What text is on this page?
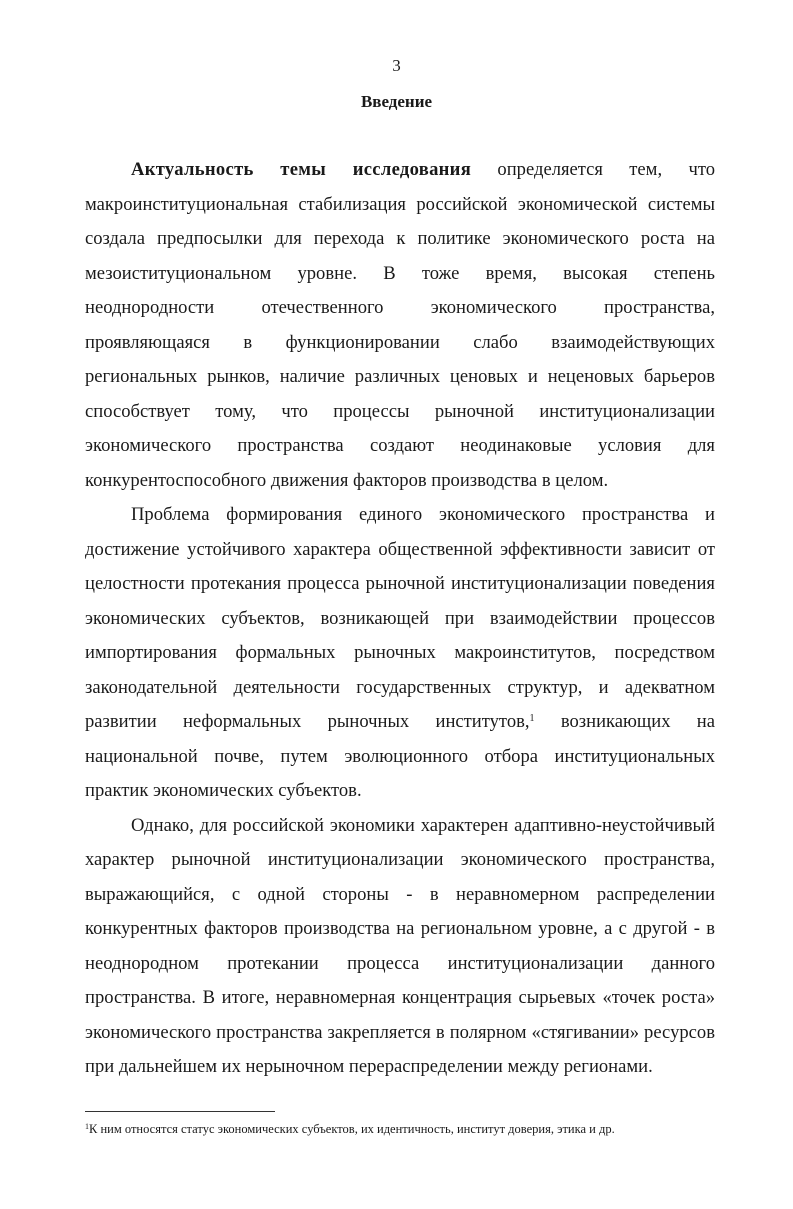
3
Введение

Актуальность темы исследования определяется тем, что макроинституциональная стабилизация российской экономической системы создала предпосылки для перехода к политике экономического роста на мезоиституциональном уровне. В тоже время, высокая степень неоднородности отечественного экономического пространства, проявляющаяся в функционировании слабо взаимодействующих региональных рынков, наличие различных ценовых и неценовых барьеров способствует тому, что процессы рыночной институционализации экономического пространства создают неодинаковые условия для конкурентоспособного движения факторов производства в целом.

Проблема формирования единого экономического пространства и достижение устойчивого характера общественной эффективности зависит от целостности протекания процесса рыночной институционализации поведения экономических субъектов, возникающей при взаимодействии процессов импортирования формальных рыночных макроинститутов, посредством законодательной деятельности государственных структур, и адекватном развитии неформальных рыночных институтов,$^1$ возникающих на национальной почве, путем эволюционного отбора институциональных практик экономических субъектов.

Однако, для российской экономики характерен адаптивно-неустойчивый характер рыночной институционализации экономического пространства, выражающийся, с одной стороны - в неравномерном распределении конкурентных факторов производства на региональном уровне, а с другой - в неоднородном протекании процесса институционализации данного пространства. В итоге, неравномерная концентрация сырьевых «точек роста» экономического пространства закрепляется в полярном «стягивании» ресурсов при дальнейшем их нерыночном перераспределении между регионами.

$^1$К ним относятся статус экономических субъектов, их идентичность, институт доверия, этика и др.
